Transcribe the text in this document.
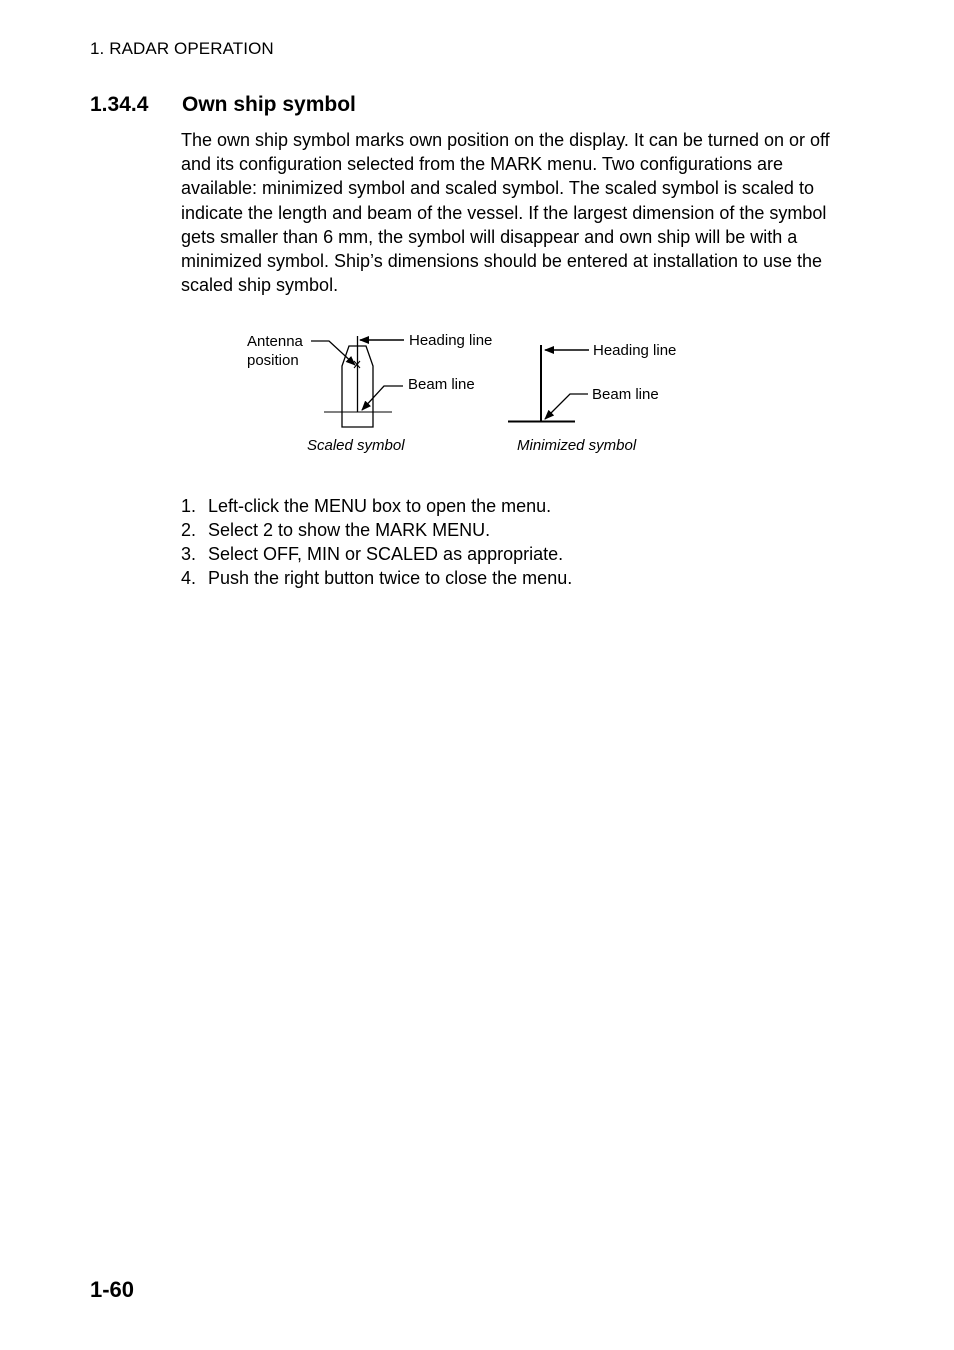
1. RADAR OPERATION
1.34.4 Own ship symbol

The own ship symbol marks own position on the display. It can be turned on or off and its configuration selected from the MARK menu. Two configurations are available: minimized symbol and scaled symbol. The scaled symbol is scaled to indicate the length and beam of the vessel. If the largest dimension of the symbol gets smaller than 6 mm, the symbol will disappear and own ship will be with a minimized symbol. Ship’s dimensions should be entered at installation to use the scaled ship symbol.

Antenna
position
Heading line
Beam line
Scaled symbol
Heading line
Beam line
Minimized symbol
1. Left-click the MENU box to open the menu.
2. Select 2 to show the MARK MENU.
3. Select OFF, MIN or SCALED as appropriate.
4. Push the right button twice to close the menu.
1-60
